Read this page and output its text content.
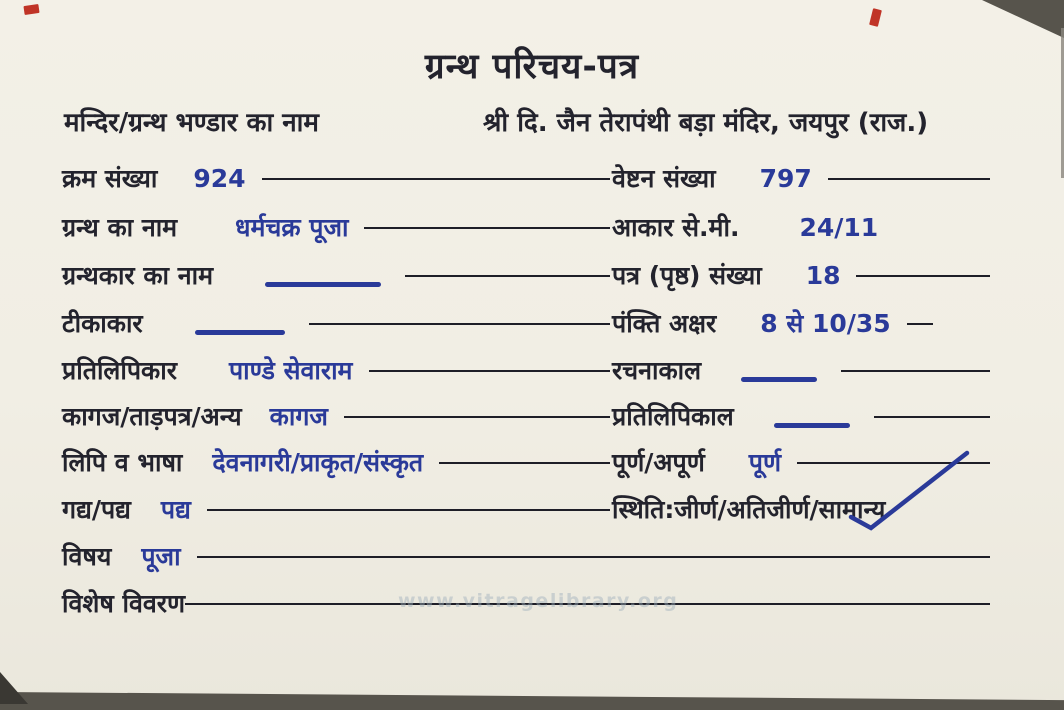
ग्रन्थ परिचय-पत्र
मन्दिर/ग्रन्थ भण्डार का नाम	श्री दि. जैन तेरापंथी बड़ा मंदिर, जयपुर (राज.)
क्रम संख्या 924
ग्रन्थ का नाम धर्मचक्र पूजा
ग्रन्थकार का नाम
टीकाकार
प्रतिलिपिकार पाण्डे सेवाराम
कागज/ताड़पत्र/अन्य कागज
लिपि व भाषा देवनागरी/प्राकृत/संस्कृत
गद्य/पद्य पद्य
विषय पूजा
विशेष विवरण
वेष्टन संख्या 797
आकार से.मी. 24/11
पत्र (पृष्ठ) संख्या 18
पंक्ति अक्षर 8 से 10/35
रचनाकाल
प्रतिलिपिकाल
पूर्ण/अपूर्ण पूर्ण
स्थिति:जीर्ण/अतिजीर्ण/सामान्य
www.vitragelibrary.org
